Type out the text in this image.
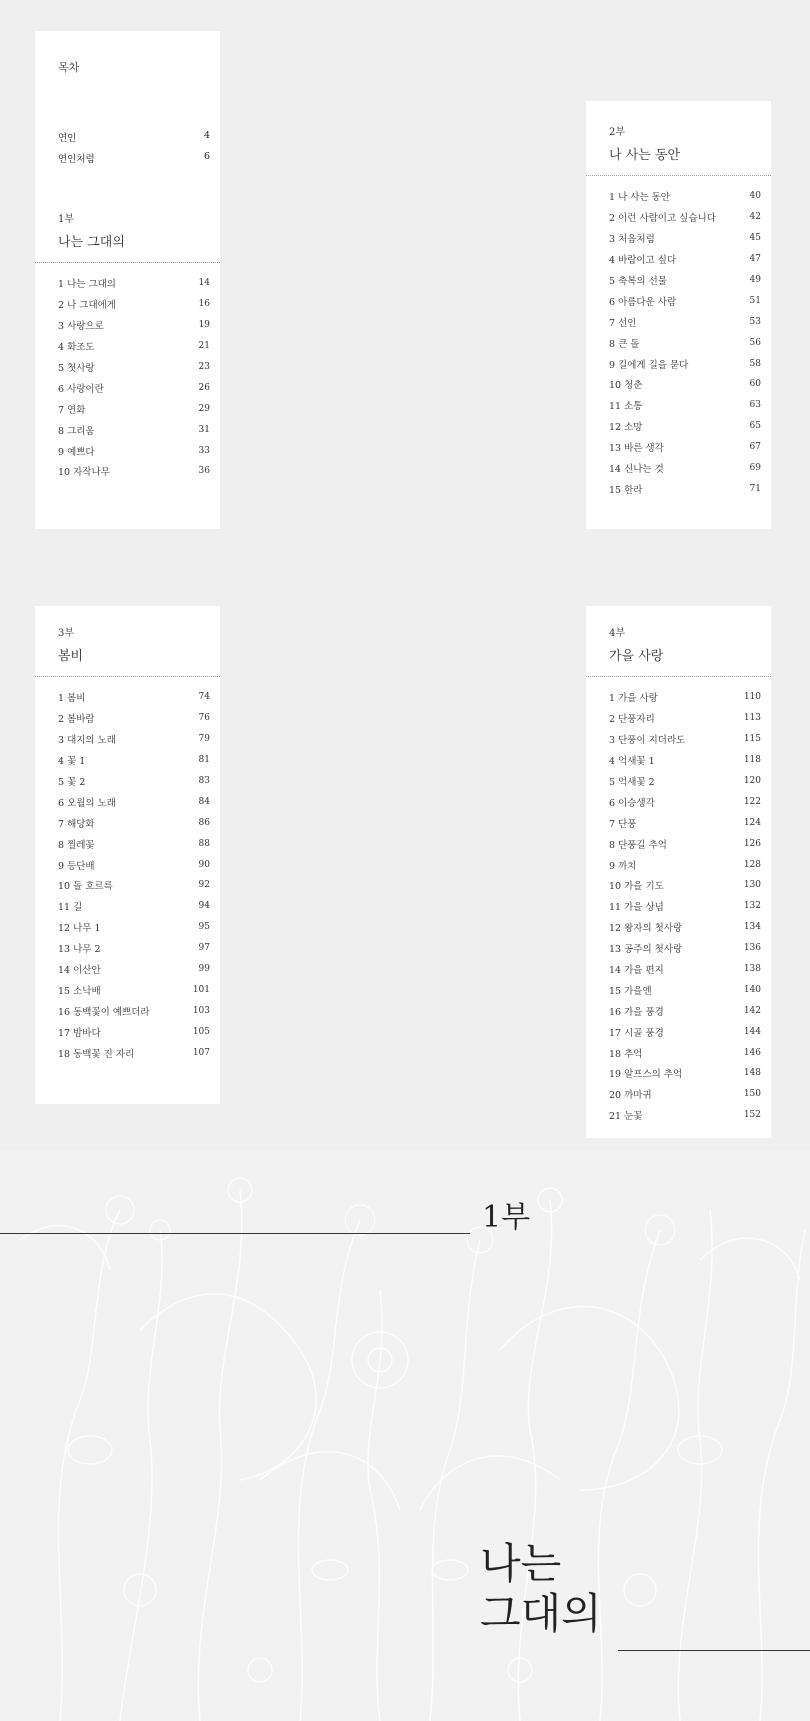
목차
연인	4
연인처럼	6
1부
나는 그대의
1 나는 그대의	14
2 나 그대에게	16
3 사랑으로	19
4 화조도	21
5 첫사랑	23
6 사랑이란	26
7 연화	29
8 그리움	31
9 예쁘다	33
10 자작나무	36
2부
나 사는 동안
1 나 사는 동안	40
2 이런 사람이고 싶습니다	42
3 처음처럼	45
4 바람이고 싶다	47
5 축복의 선물	49
6 아름다운 사람	51
7 선인	53
8 큰 돌	56
9 길에게 길을 묻다	58
10 청춘	60
11 소통	63
12 소망	65
13 바른 생각	67
14 신나는 것	69
15 한라	71
3부
봄비
1 봄비	74
2 봄바람	76
3 대지의 노래	79
4 꽃 1	81
5 꽃 2	83
6 오월의 노래	84
7 해당화	86
8 찔레꽃	88
9 등단배	90
10 돌 호르륵	92
11 길	94
12 나무 1	95
13 나무 2	97
14 이산안	99
15 소낙배	101
16 동백꽃이 예쁘더라	103
17 밤바다	105
18 동백꽃 진 자리	107
4부
가을 사랑
1 가을 사랑	110
2 단풍자리	113
3 단풍이 지더라도	115
4 억새꽃 1	118
5 억새꽃 2	120
6 이승생각	122
7 단풍	124
8 단풍길 추억	126
9 까치	128
10 가을 기도	130
11 가을 상념	132
12 왕자의 첫사랑	134
13 공주의 첫사랑	136
14 가을 편지	138
15 가을엔	140
16 가을 풍경	142
17 시골 풍경	144
18 추억	146
19 알프스의 추억	148
20 까마귀	150
21 눈꽃	152
1부
나는
그대의
